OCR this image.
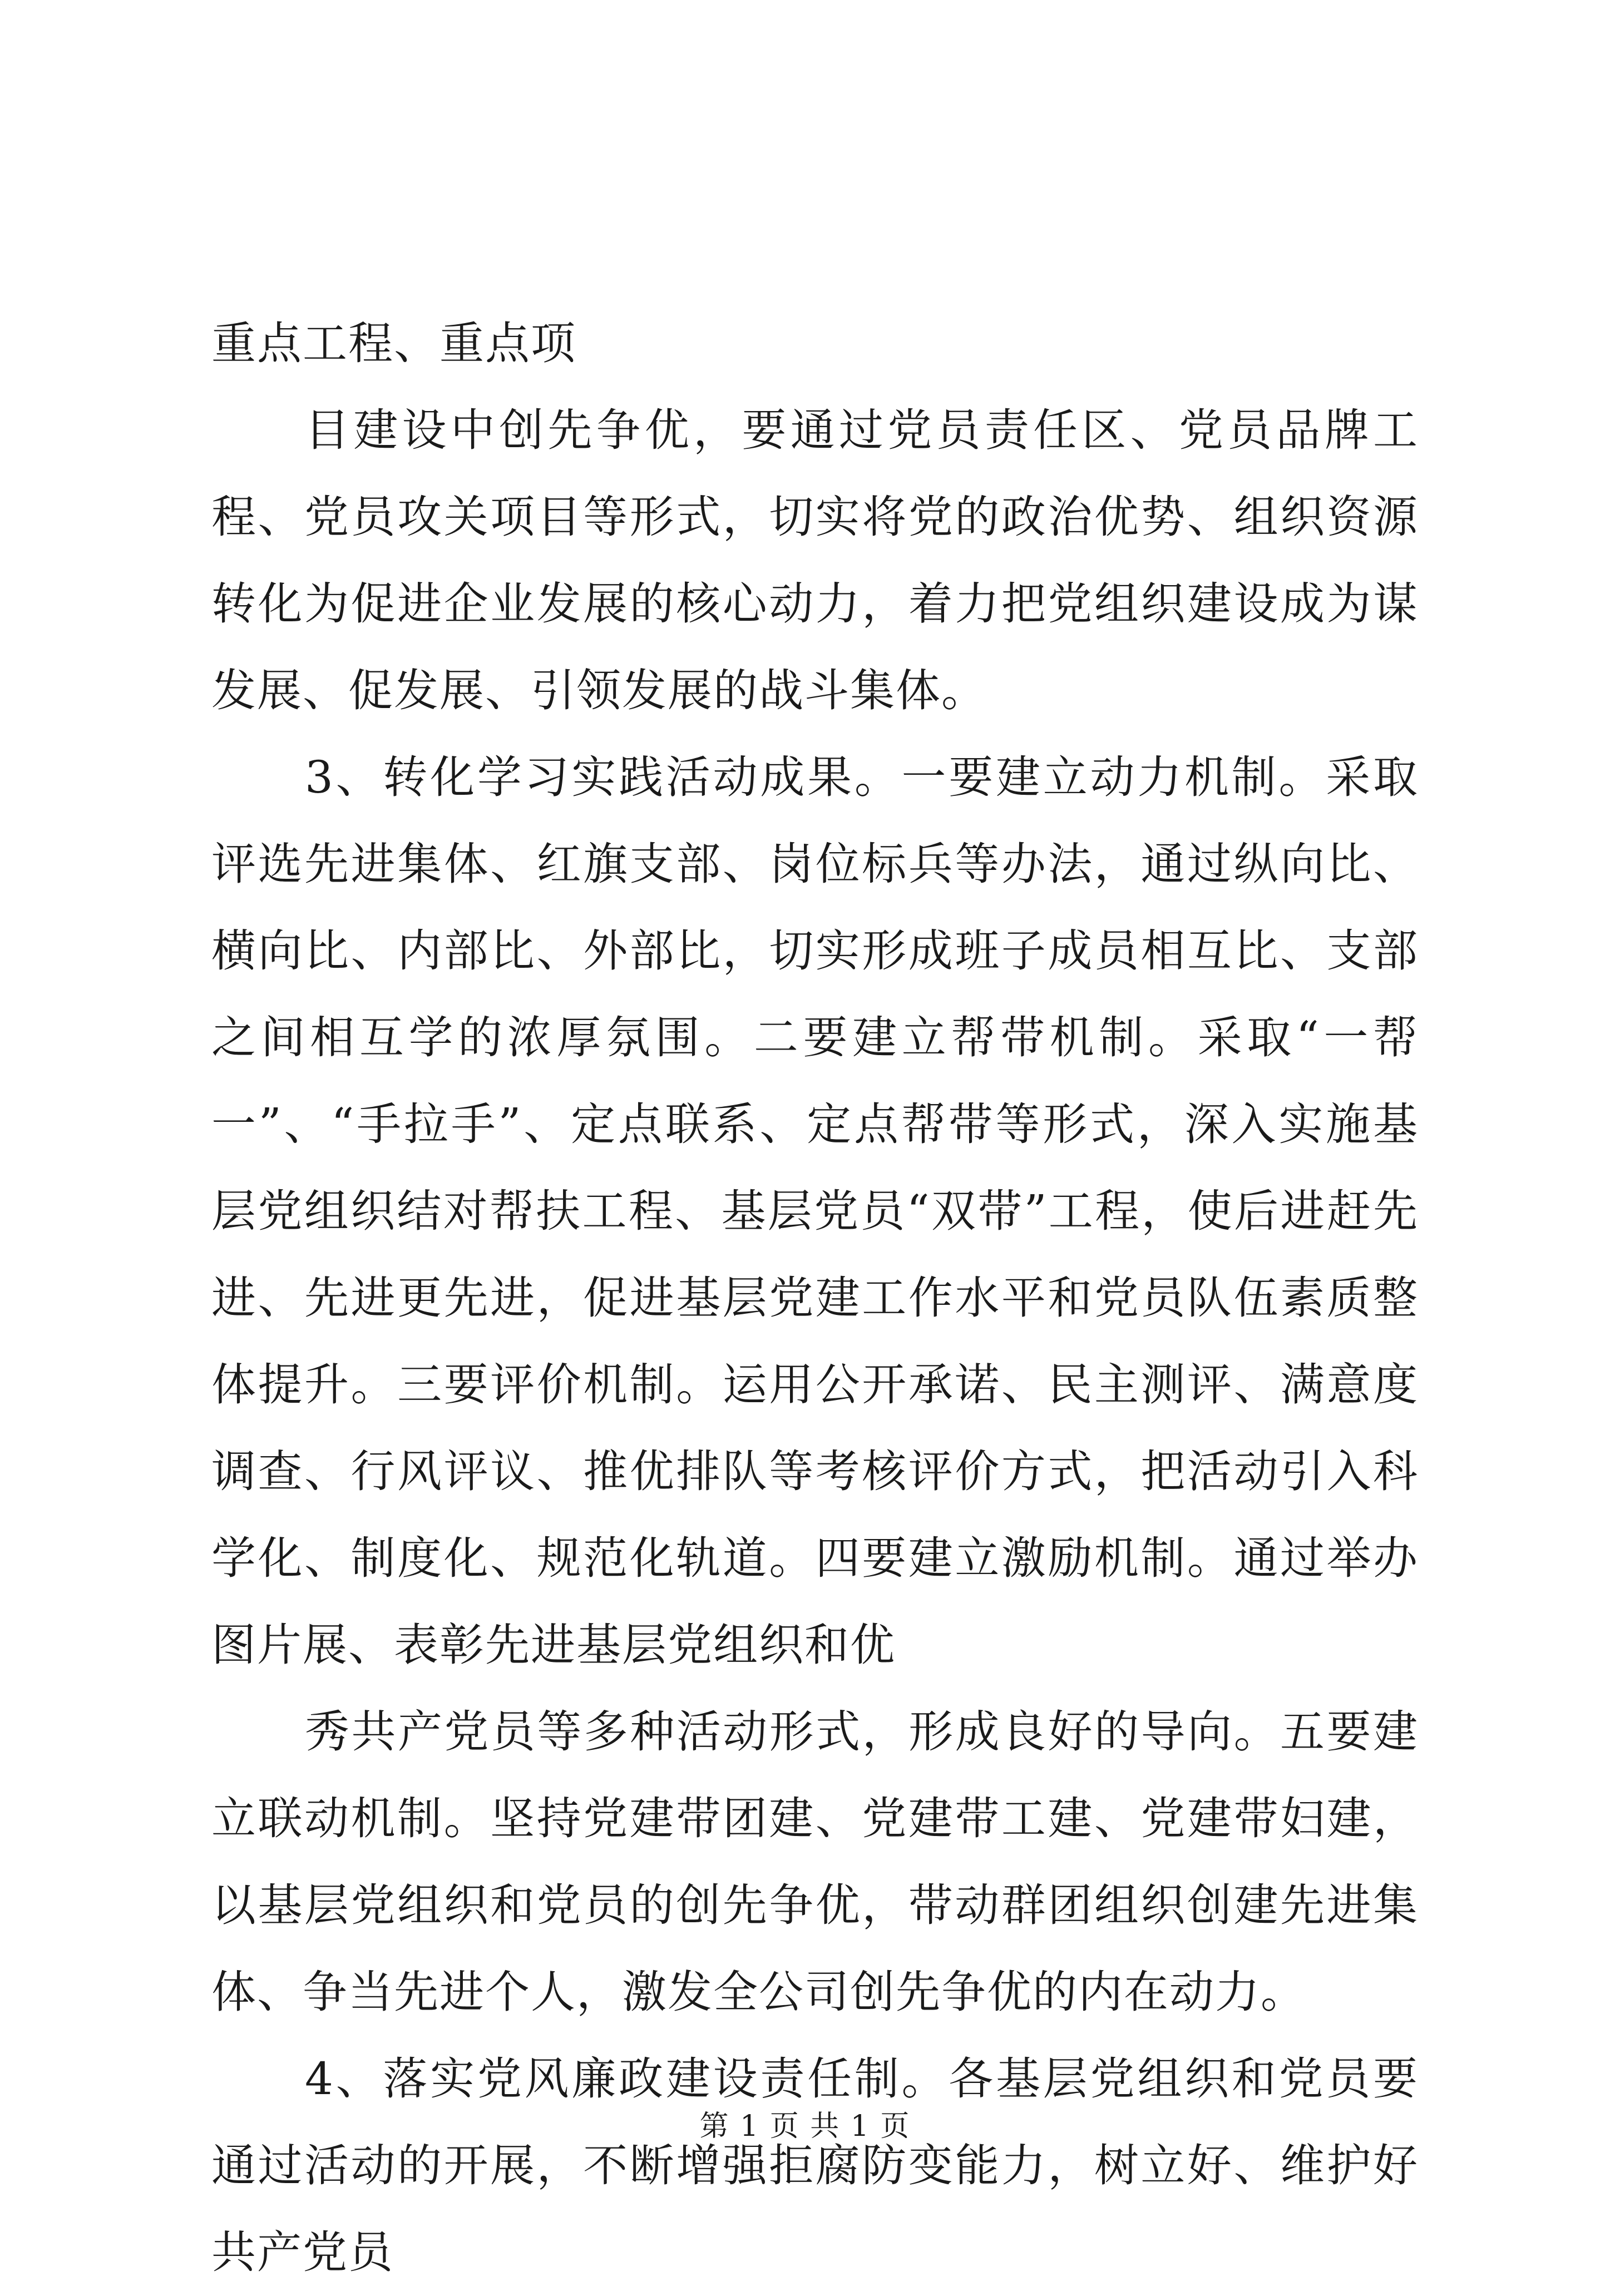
重点工程、重点项

目建设中创先争优，要通过党员责任区、党员品牌工程、党员攻关项目等形式，切实将党的政治优势、组织资源转化为促进企业发展的核心动力，着力把党组织建设成为谋发展、促发展、引领发展的战斗集体。

3、转化学习实践活动成果。一要建立动力机制。采取评选先进集体、红旗支部、岗位标兵等办法，通过纵向比、横向比、内部比、外部比，切实形成班子成员相互比、支部之间相互学的浓厚氛围。二要建立帮带机制。采取“一帮一”、“手拉手”、定点联系、定点帮带等形式，深入实施基层党组织结对帮扶工程、基层党员“双带”工程，使后进赶先进、先进更先进，促进基层党建工作水平和党员队伍素质整体提升。三要评价机制。运用公开承诺、民主测评、满意度调查、行风评议、推优排队等考核评价方式，把活动引入科学化、制度化、规范化轨道。四要建立激励机制。通过举办图片展、表彰先进基层党组织和优

秀共产党员等多种活动形式，形成良好的导向。五要建立联动机制。坚持党建带团建、党建带工建、党建带妇建，以基层党组织和党员的创先争优，带动群团组织创建先进集体、争当先进个人，激发全公司创先争优的内在动力。

4、落实党风廉政建设责任制。各基层党组织和党员要通过活动的开展，不断增强拒腐防变能力，树立好、维护好共产党员

第 1 页 共 1 页
